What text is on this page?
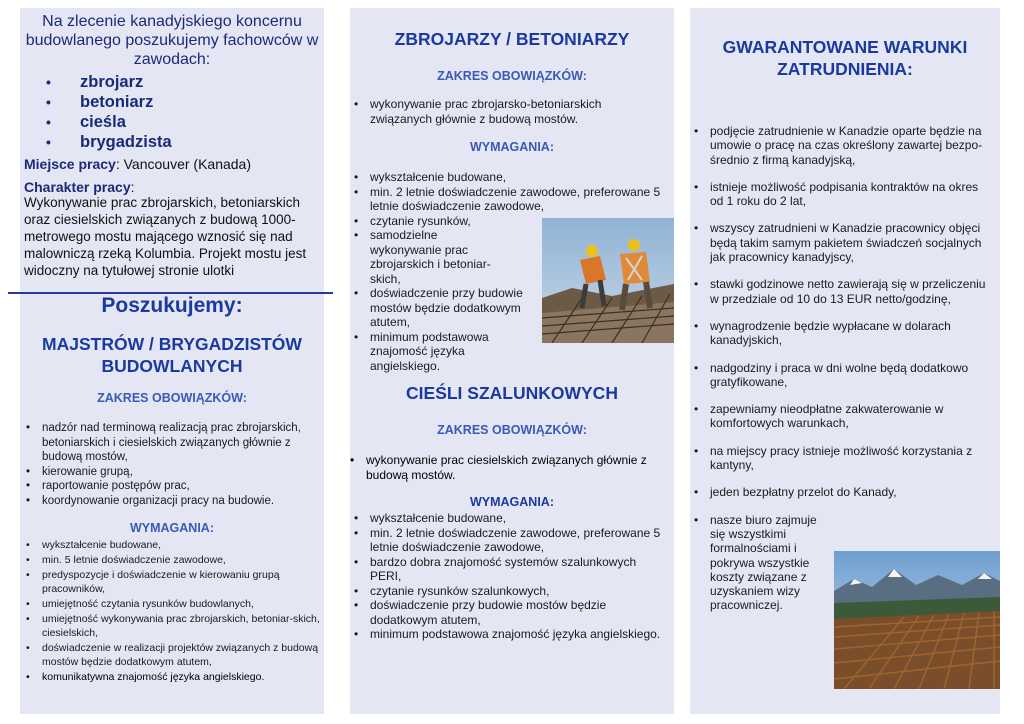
Na zlecenie kanadyjskiego koncernu budowlanego poszukujemy fachowców w zawodach:
• zbrojarz
• betoniarz
• cieśla
• brygadzista
Miejsce pracy: Vancouver (Kanada)
Charakter pracy:
Wykonywanie prac zbrojarskich, betoniarskich oraz ciesielskich związanych z budową 1000-metrowego mostu mającego wznosić się nad malowniczą rzeką Kolumbia. Projekt mostu jest widoczny na tytułowej stronie ulotki
Poszukujemy:
MAJSTRÓW / BRYGADZISTÓW BUDOWLANYCH
ZAKRES OBOWIĄZKÓW:
• nadzór nad terminową realizacją prac zbrojarskich, betoniarskich i ciesielskich związanych głównie z budową mostów,
• kierowanie grupą,
• raportowanie postępów prac,
• koordynowanie organizacji pracy na budowie.
WYMAGANIA:
• wykształcenie budowane,
• min. 5 letnie doświadczenie zawodowe,
• predyspozycje i doświadczenie w kierowaniu grupą pracowników,
• umiejętność czytania rysunków budowlanych,
• umiejętność wykonywania prac zbrojarskich, betoniar-skich, ciesielskich,
• doświadczenie w realizacji projektów związanych z budową mostów będzie dodatkowym atutem,
• komunikatywna znajomość języka angielskiego.
ZBROJARZY / BETONIARZY
ZAKRES OBOWIĄZKÓW:
• wykonywanie prac zbrojarsko-betoniarskich związanych głównie z budową mostów.
WYMAGANIA:
• wykształcenie budowane,
• min. 2 letnie doświadczenie zawodowe, preferowane 5 letnie doświadczenie zawodowe,
• czytanie rysunków,
• samodzielne wykonywanie prac zbrojarskich i betoniar-skich,
• doświadczenie przy budowie mostów będzie dodatkowym atutem,
• minimum podstawowa znajomość języka angielskiego.
CIEŚLI SZALUNKOWYCH
ZAKRES OBOWIĄZKÓW:
• wykonywanie prac ciesielskich związanych głównie z budową mostów.
WYMAGANIA:
• wykształcenie budowane,
• min. 2 letnie doświadczenie zawodowe, preferowane 5 letnie doświadczenie zawodowe,
• bardzo dobra znajomość systemów szalunkowych PERI,
• czytanie rysunków szalunkowych,
• doświadczenie przy budowie mostów będzie dodatkowym atutem,
• minimum podstawowa znajomość języka angielskiego.
GWARANTOWANE WARUNKI ZATRUDNIENIA:
• podjęcie zatrudnienie w Kanadzie oparte będzie na umowie o pracę na czas określony zawartej bezpo-średnio z firmą kanadyjską,
• istnieje możliwość podpisania kontraktów na okres od 1 roku do 2 lat,
• wszyscy zatrudnieni w Kanadzie pracownicy objęci będą takim samym pakietem świadczeń socjalnych jak pracownicy kanadyjscy,
• stawki godzinowe netto zawierają się w przeliczeniu w przedziale od 10 do 13 EUR netto/godzinę,
• wynagrodzenie będzie wypłacane w dolarach kanadyjskich,
• nadgodziny i praca w dni wolne będą dodatkowo gratyfikowane,
• zapewniamy nieodpłatne zakwaterowanie w komfortowych warunkach,
• na miejscy pracy istnieje możliwość korzystania z kantyny,
• jeden bezpłatny przelot do Kanady,
• nasze biuro zajmuje się wszystkimi formalnościami i pokrywa wszystkie koszty związane z uzyskaniem wizy pracowniczej.
